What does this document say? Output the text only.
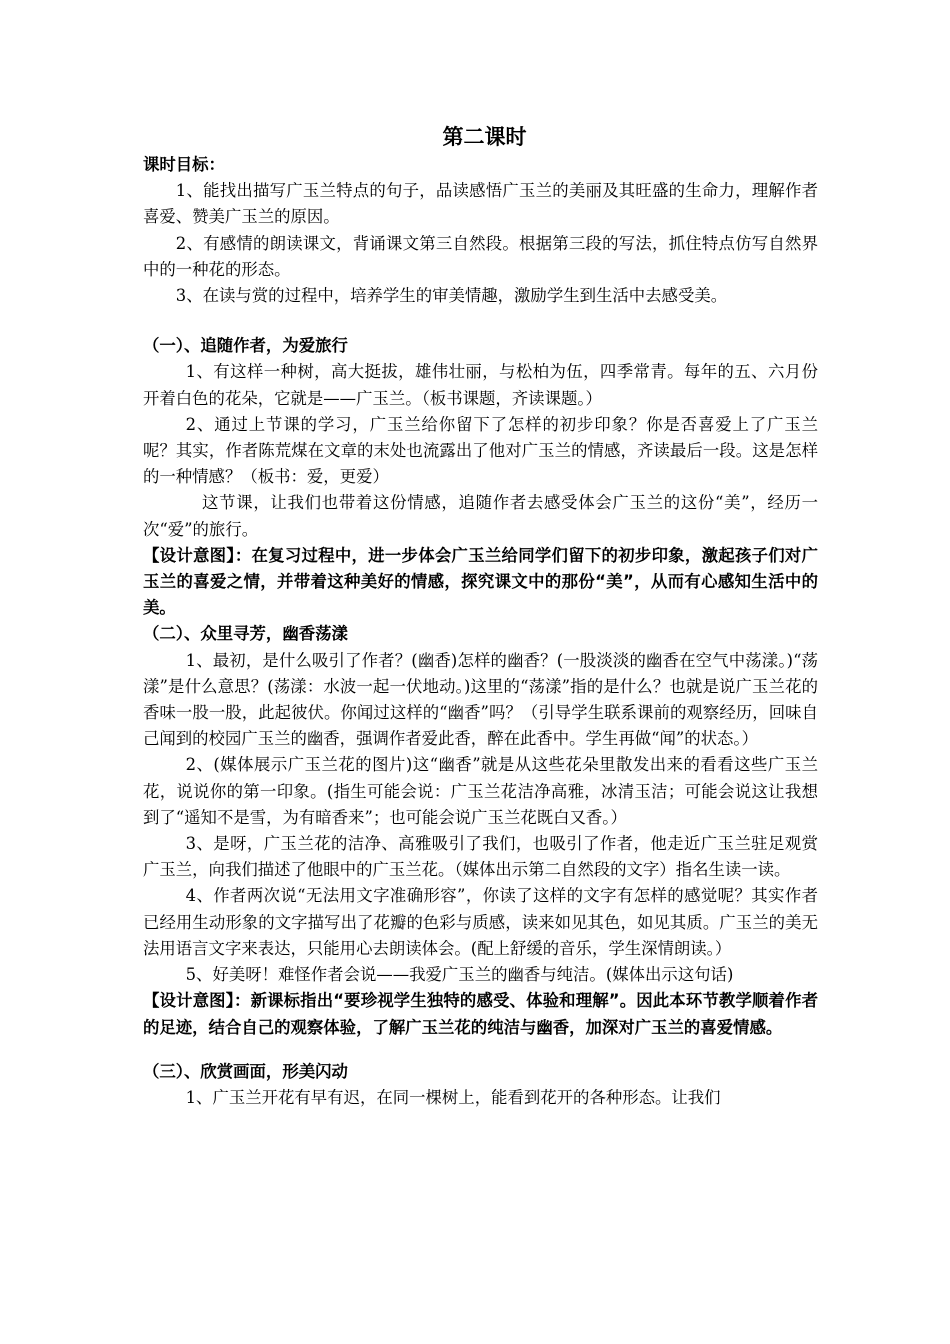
第二课时
课时目标：
1、能找出描写广玉兰特点的句子，品读感悟广玉兰的美丽及其旺盛的生命力，理解作者喜爱、赞美广玉兰的原因。
2、有感情的朗读课文，背诵课文第三自然段。根据第三段的写法，抓住特点仿写自然界中的一种花的形态。
3、在读与赏的过程中，培养学生的审美情趣，激励学生到生活中去感受美。
（一）、追随作者，为爱旅行
1、有这样一种树，高大挺拔，雄伟壮丽，与松柏为伍，四季常青。每年的五、六月份开着白色的花朵，它就是——广玉兰。（板书课题，齐读课题。）
2、通过上节课的学习，广玉兰给你留下了怎样的初步印象？你是否喜爱上了广玉兰呢？其实，作者陈荒煤在文章的末处也流露出了他对广玉兰的情感，齐读最后一段。这是怎样的一种情感？（板书：爱，更爱）
这节课，让我们也带着这份情感，追随作者去感受体会广玉兰的这份“美”，经历一次“爱”的旅行。
【设计意图】：在复习过程中，进一步体会广玉兰给同学们留下的初步印象，激起孩子们对广玉兰的喜爱之情，并带着这种美好的情感，探究课文中的那份“美”，从而有心感知生活中的美。
（二）、众里寻芳，幽香荡漾
1、最初，是什么吸引了作者？(幽香)怎样的幽香？(一股淡淡的幽香在空气中荡漾。)“荡漾”是什么意思？(荡漾：水波一起一伏地动。)这里的“荡漾”指的是什么？也就是说广玉兰花的香味一股一股，此起彼伏。你闻过这样的“幽香”吗？（引导学生联系课前的观察经历，回味自己闻到的校园广玉兰的幽香，强调作者爱此香，醉在此香中。学生再做“闻”的状态。）
2、(媒体展示广玉兰花的图片)这“幽香”就是从这些花朵里散发出来的看看这些广玉兰花，说说你的第一印象。(指生可能会说：广玉兰花洁净高雅，冰清玉洁；可能会说这让我想到了“遥知不是雪，为有暗香来”；也可能会说广玉兰花既白又香。）
3、是呀，广玉兰花的洁净、高雅吸引了我们，也吸引了作者，他走近广玉兰驻足观赏广玉兰，向我们描述了他眼中的广玉兰花。（媒体出示第二自然段的文字）指名生读一读。
4、作者两次说“无法用文字准确形容”，你读了这样的文字有怎样的感觉呢？其实作者已经用生动形象的文字描写出了花瓣的色彩与质感，读来如见其色，如见其质。广玉兰的美无法用语言文字来表达，只能用心去朗读体会。(配上舒缓的音乐，学生深情朗读。）
5、好美呀！难怪作者会说——我爱广玉兰的幽香与纯洁。(媒体出示这句话)
【设计意图】：新课标指出“要珍视学生独特的感受、体验和理解”。因此本环节教学顺着作者的足迹，结合自己的观察体验，了解广玉兰花的纯洁与幽香，加深对广玉兰的喜爱情感。
（三）、欣赏画面，形美闪动
1、广玉兰开花有早有迟，在同一棵树上，能看到花开的各种形态。让我们
